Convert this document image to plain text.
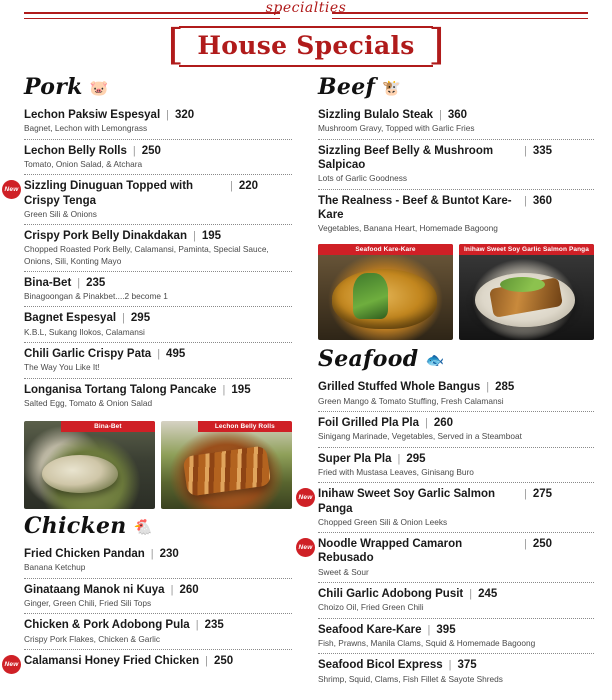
specialties
[ House Specials ]
Pork 🐷
Lechon Paksiw Espesyal | 320
Bagnet, Lechon with Lemongrass
Lechon Belly Rolls | 250
Tomato, Onion Salad, & Atchara
New Sizzling Dinuguan Topped with Crispy Tenga
| 220
Green Sili & Onions
Crispy Pork Belly Dinakdakan | 195
Chopped Roasted Pork Belly, Calamansi, Paminta, Special Sauce, Onions, Sili, Konting Mayo
Bina-Bet | 235
Binagoongan & Pinakbet....2 become 1
Bagnet Espesyal | 295
K.B.L, Sukang Ilokos, Calamansi
Chili Garlic Crispy Pata | 495
The Way You Like It!
Longanisa Tortang Talong Pancake | 195
Salted Egg, Tomato & Onion Salad
Bina-Bet	Lechon Belly Rolls
Chicken 🐔
Fried Chicken Pandan | 230
Banana Ketchup
Ginataang Manok ni Kuya | 260
Ginger, Green Chili, Fried Sili Tops
Chicken & Pork Adobong Pula | 235
Crispy Pork Flakes, Chicken & Garlic
New Calamansi Honey Fried Chicken | 250
Beef 🐮
Sizzling Bulalo Steak | 360
Mushroom Gravy, Topped with Garlic Fries
Sizzling Beef Belly & Mushroom Salpicao
| 335
Lots of Garlic Goodness
The Realness - Beef & Buntot Kare-Kare
| 360
Vegetables, Banana Heart, Homemade Bagoong
Seafood Kare-Kare	Inihaw Sweet Soy Garlic Salmon Panga
Seafood 🐟
Grilled Stuffed Whole Bangus | 285
Green Mango & Tomato Stuffing, Fresh Calamansi
Foil Grilled Pla Pla | 260
Sinigang Marinade, Vegetables, Served in a Steamboat
Super Pla Pla | 295
Fried with Mustasa Leaves, Ginisang Buro
New Inihaw Sweet Soy Garlic Salmon Panga
| 275
Chopped Green Sili & Onion Leeks
New Noodle Wrapped Camaron Rebusado
| 250
Sweet & Sour
Chili Garlic Adobong Pusit | 245
Choizo Oil, Fried Green Chili
Seafood Kare-Kare | 395
Fish, Prawns, Manila Clams, Squid & Homemade Bagoong
Seafood Bicol Express | 375
Shrimp, Squid, Clams, Fish Fillet & Sayote Shreds
